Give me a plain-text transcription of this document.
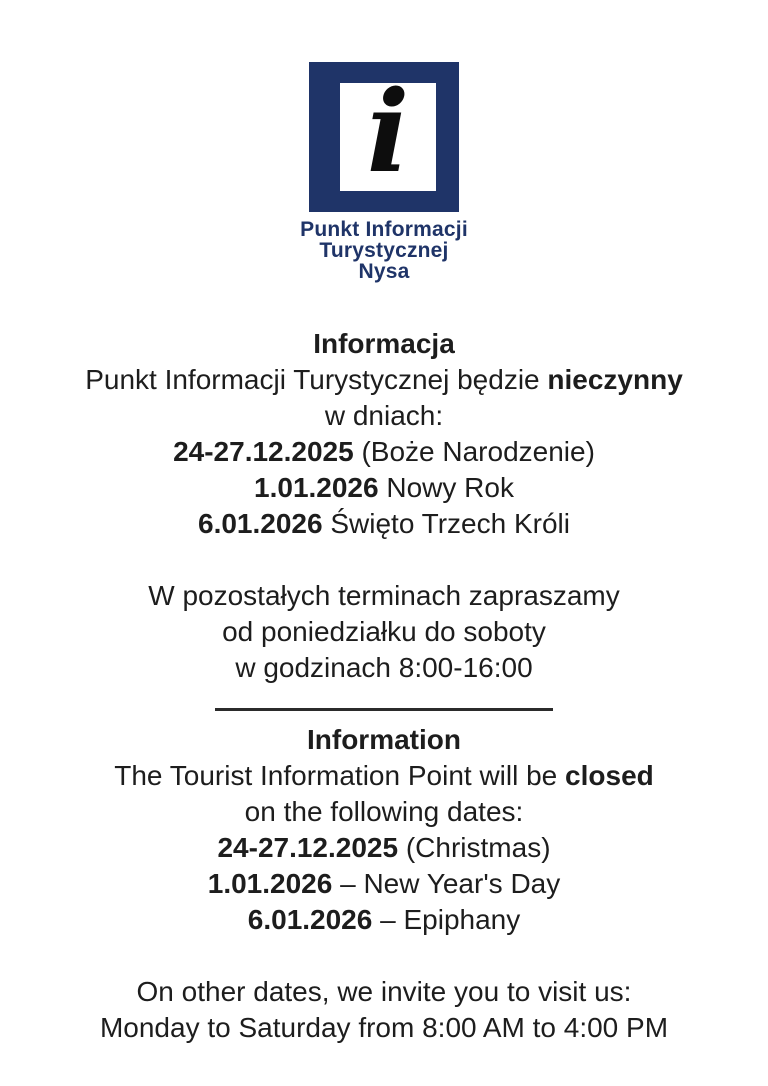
i
Punkt Informacji
Turystycznej
Nysa
Informacja
Punkt Informacji Turystycznej będzie nieczynny
w dniach:
24-27.12.2025 (Boże Narodzenie)
1.01.2026 Nowy Rok
6.01.2026 Święto Trzech Króli
W pozostałych terminach zapraszamy
od poniedziałku do soboty
w godzinach 8:00-16:00
Information
The Tourist Information Point will be closed
on the following dates:
24-27.12.2025 (Christmas)
1.01.2026 – New Year's Day
6.01.2026 – Epiphany
On other dates, we invite you to visit us:
Monday to Saturday from 8:00 AM to 4:00 PM
